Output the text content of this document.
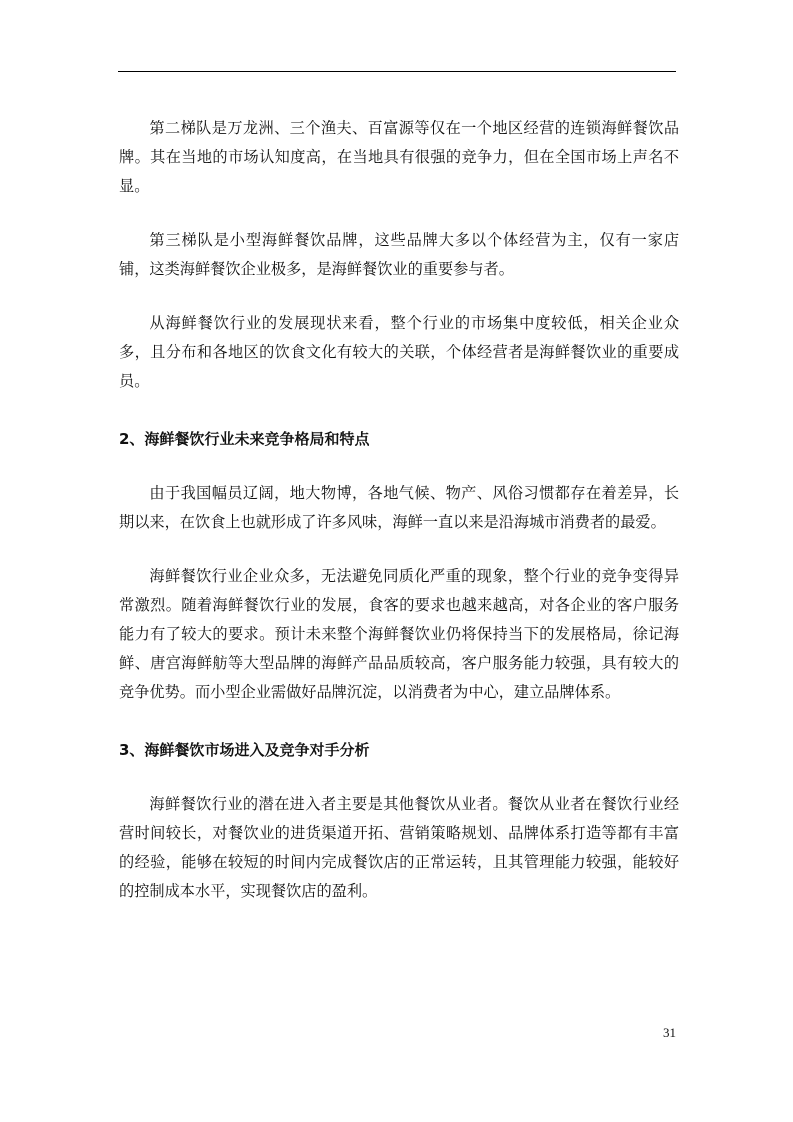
第二梯队是万龙洲、三个渔夫、百富源等仅在一个地区经营的连锁海鲜餐饮品牌。其在当地的市场认知度高，在当地具有很强的竞争力，但在全国市场上声名不显。

第三梯队是小型海鲜餐饮品牌，这些品牌大多以个体经营为主，仅有一家店铺，这类海鲜餐饮企业极多，是海鲜餐饮业的重要参与者。

从海鲜餐饮行业的发展现状来看，整个行业的市场集中度较低，相关企业众多，且分布和各地区的饮食文化有较大的关联，个体经营者是海鲜餐饮业的重要成员。

2、海鲜餐饮行业未来竞争格局和特点

由于我国幅员辽阔，地大物博，各地气候、物产、风俗习惯都存在着差异，长期以来，在饮食上也就形成了许多风味，海鲜一直以来是沿海城市消费者的最爱。

海鲜餐饮行业企业众多，无法避免同质化严重的现象，整个行业的竞争变得异常激烈。随着海鲜餐饮行业的发展，食客的要求也越来越高，对各企业的客户服务能力有了较大的要求。预计未来整个海鲜餐饮业仍将保持当下的发展格局，徐记海鲜、唐宫海鲜舫等大型品牌的海鲜产品品质较高，客户服务能力较强，具有较大的竞争优势。而小型企业需做好品牌沉淀，以消费者为中心，建立品牌体系。

3、海鲜餐饮市场进入及竞争对手分析

海鲜餐饮行业的潜在进入者主要是其他餐饮从业者。餐饮从业者在餐饮行业经营时间较长，对餐饮业的进货渠道开拓、营销策略规划、品牌体系打造等都有丰富的经验，能够在较短的时间内完成餐饮店的正常运转，且其管理能力较强，能较好的控制成本水平，实现餐饮店的盈利。

31
